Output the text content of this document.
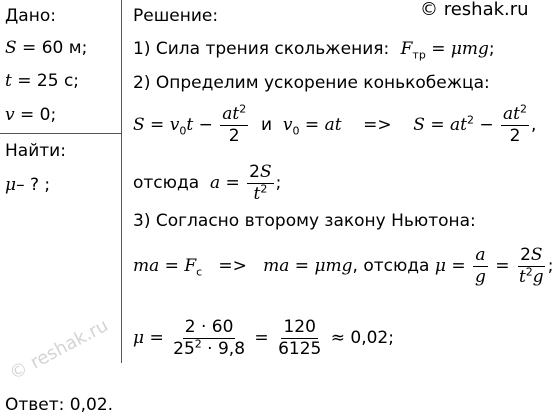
© reshak.ru
Дано:
S = 60 м;
t = 25 с;
v = 0;
Найти:
μ– ? ;
Решение:
1) Сила трения скольжения: $F_{тр} = \mu mg$;
2) Определим ускорение конькобежца:
$S = v_0t - \frac{at^2}{2}$ и $v_0$ = at => $S = at^2 - \frac{at^2}{2}$ ,
отсюда $a = \frac{2S}{t^2}$ ;
3) Согласно второму закону Ньютона:
ma = $F_с$ => ma = μmg, отсюда $\mu = \frac{a}{g} = \frac{2S}{t^2g}$ ;
$\mu = \frac{2 \cdot 60}{25^2 \cdot 9,8} = \frac{120}{6125} \approx 0,02$;
© reshak.ru
Ответ: 0,02.
